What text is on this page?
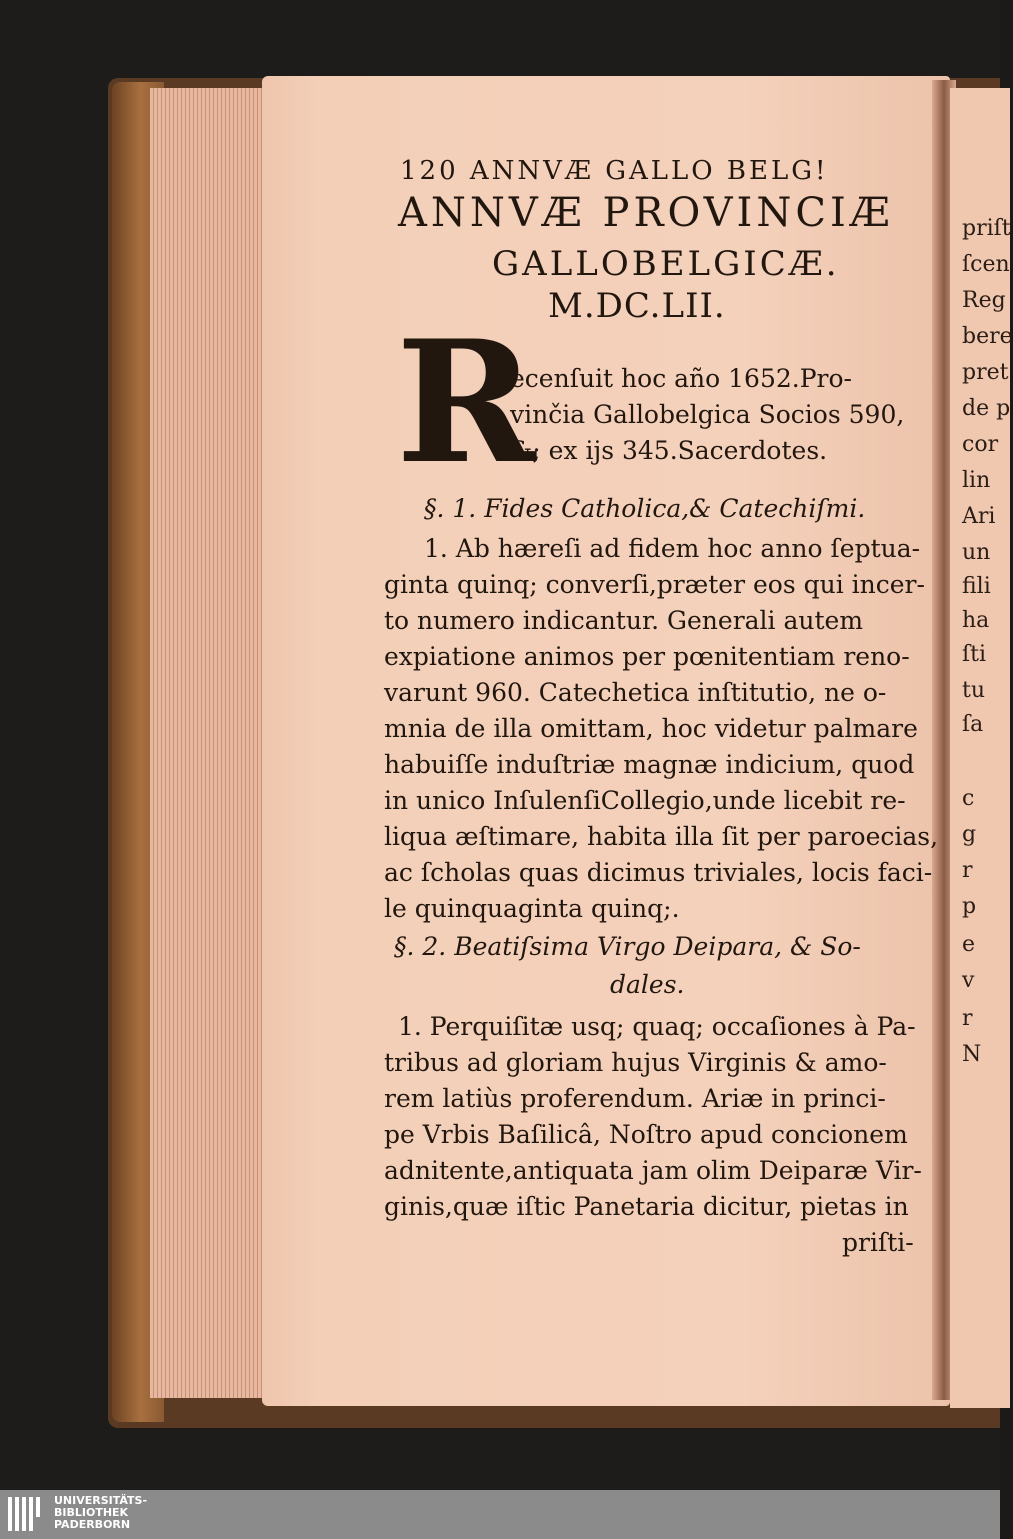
120 ANNVÆ GALLO BELG!
ANNVÆ PROVINCIÆ
GALLOBELGICÆ.
M.DC.LII.
R
ecenſuit hoc año 1652.Pro-
vinčia Gallobelgica Socios 590,
&; ex ijs 345.Sacerdotes.
§. 1. Fides Catholica,& Catechiſmi.
1. Ab hæreſi ad fidem hoc anno ſeptua-
ginta quinq; converſi,præter eos qui incer-
to numero indicantur. Generali autem
expiatione animos per pœnitentiam reno-
varunt 960. Catechetica inſtitutio, ne o-
mnia de illa omittam, hoc videtur palmare
habuiſſe induſtriæ magnæ indicium, quod
in unico InſulenſiCollegio,unde licebit re-
liqua æſtimare, habita illa ſit per paroecias,
ac ſcholas quas dicimus triviales, locis faci-
le quinquaginta quinq;.
§. 2. Beatiſsima Virgo Deipara, & So-
dales.
1. Perquiſitæ usq; quaq; occaſiones à Pa-
tribus ad gloriam hujus Virginis & amo-
rem latiùs proferendum. Ariæ in princi-
pe Vrbis Baſilicâ, Noſtro apud concionem
adnitente,antiquata jam olim Deiparæ Vir-
ginis,quæ iſtic Panetaria dicitur, pietas in
priſti-
priſt
ſcen
Reg
bere
pret
de p
cor
lin
Ari
un
fili
ha
ſti
tu
ſa
c
g
r
p
e
v
r
N
UNIVERSITÄTS-
BIBLIOTHEK
PADERBORN
